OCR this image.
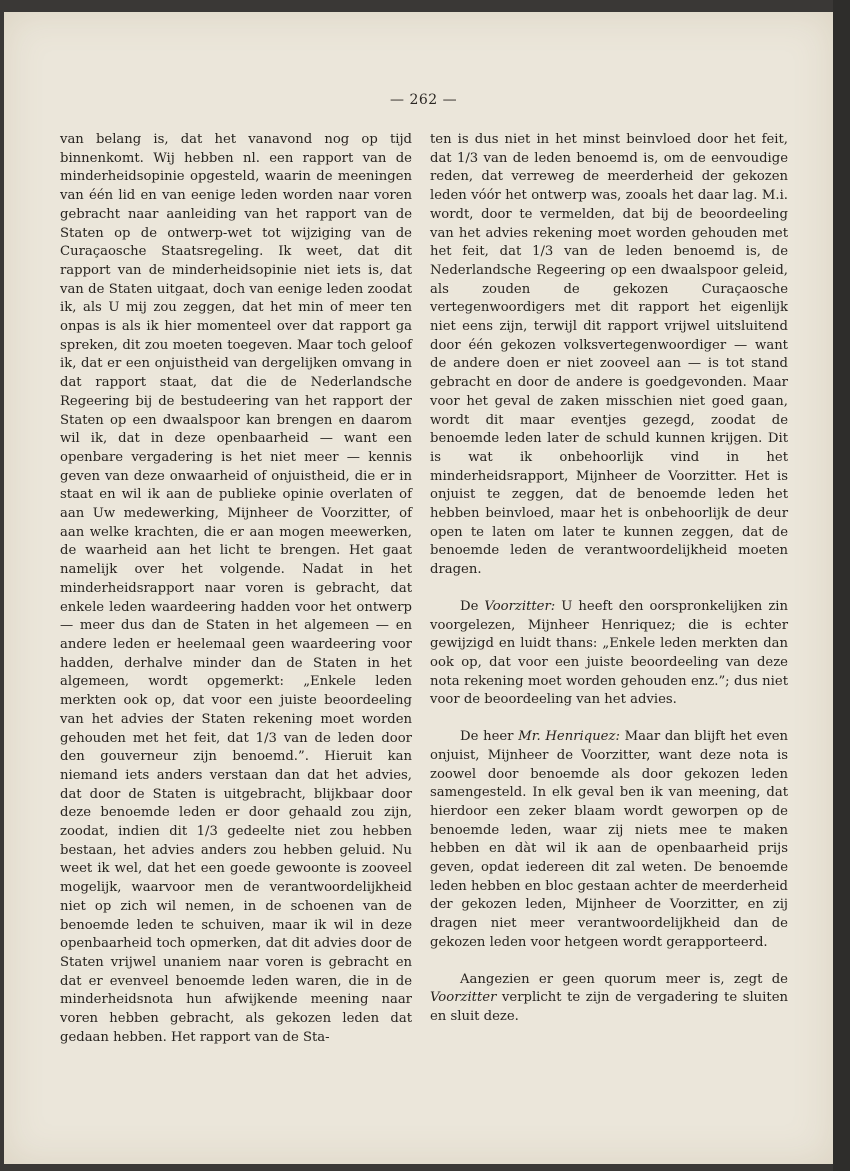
— 262 —

van belang is, dat het vanavond nog op tijd binnenkomt. Wij hebben nl. een rapport van de minderheidsopinie opgesteld, waarin de meeningen van één lid en van eenige leden worden naar voren gebracht naar aanleiding van het rapport van de Staten op de ontwerp-wet tot wijziging van de Curaçaosche Staatsregeling. Ik weet, dat dit rapport van de minderheidsopinie niet iets is, dat van de Staten uitgaat, doch van eenige leden zoodat ik, als U mij zou zeggen, dat het min of meer ten onpas is als ik hier momenteel over dat rapport ga spreken, dit zou moeten toegeven. Maar toch geloof ik, dat er een onjuistheid van dergelijken omvang in dat rapport staat, dat die de Nederlandsche Regeering bij de bestudeering van het rapport der Staten op een dwaalspoor kan brengen en daarom wil ik, dat in deze openbaarheid — want een openbare vergadering is het niet meer — kennis geven van deze onwaarheid of onjuistheid, die er in staat en wil ik aan de publieke opinie overlaten of aan Uw medewerking, Mijnheer de Voorzitter, of aan welke krachten, die er aan mogen meewerken, de waarheid aan het licht te brengen. Het gaat namelijk over het volgende. Nadat in het minderheidsrapport naar voren is gebracht, dat enkele leden waardeering hadden voor het ontwerp — meer dus dan de Staten in het algemeen — en andere leden er heelemaal geen waardeering voor hadden, derhalve minder dan de Staten in het algemeen, wordt opgemerkt: „Enkele leden merkten ook op, dat voor een juiste beoordeeling van het advies der Staten rekening moet worden gehouden met het feit, dat 1/3 van de leden door den gouverneur zijn benoemd.”. Hieruit kan niemand iets anders verstaan dan dat het advies, dat door de Staten is uitgebracht, blijkbaar door deze benoemde leden er door gehaald zou zijn, zoodat, indien dit 1/3 gedeelte niet zou hebben bestaan, het advies anders zou hebben geluid. Nu weet ik wel, dat het een goede gewoonte is zooveel mogelijk, waarvoor men de verantwoordelijkheid niet op zich wil nemen, in de schoenen van de benoemde leden te schuiven, maar ik wil in deze openbaarheid toch opmerken, dat dit advies door de Staten vrijwel unaniem naar voren is gebracht en dat er evenveel benoemde leden waren, die in de minderheidsnota hun afwijkende meening naar voren hebben gebracht, als gekozen leden dat gedaan hebben. Het rapport van de Sta-

ten is dus niet in het minst beinvloed door het feit, dat 1/3 van de leden benoemd is, om de eenvoudige reden, dat verreweg de meerderheid der gekozen leden vóór het ontwerp was, zooals het daar lag. M.i. wordt, door te vermelden, dat bij de beoordeeling van het advies rekening moet worden gehouden met het feit, dat 1/3 van de leden benoemd is, de Nederlandsche Regeering op een dwaalspoor geleid, als zouden de gekozen Curaçaosche vertegenwoordigers met dit rapport het eigenlijk niet eens zijn, terwijl dit rapport vrijwel uitsluitend door één gekozen volksvertegenwoordiger — want de andere doen er niet zooveel aan — is tot stand gebracht en door de andere is goedgevonden. Maar voor het geval de zaken misschien niet goed gaan, wordt dit maar eventjes gezegd, zoodat de benoemde leden later de schuld kunnen krijgen. Dit is wat ik onbehoorlijk vind in het minderheidsrapport, Mijnheer de Voorzitter. Het is onjuist te zeggen, dat de benoemde leden het hebben beinvloed, maar het is onbehoorlijk de deur open te laten om later te kunnen zeggen, dat de benoemde leden de verantwoordelijkheid moeten dragen.

De Voorzitter: U heeft den oorspronkelijken zin voorgelezen, Mijnheer Henriquez; die is echter gewijzigd en luidt thans: „Enkele leden merkten dan ook op, dat voor een juiste beoordeeling van deze nota rekening moet worden gehouden enz.”; dus niet voor de beoordeeling van het advies.

De heer Mr. Henriquez: Maar dan blijft het even onjuist, Mijnheer de Voorzitter, want deze nota is zoowel door benoemde als door gekozen leden samengesteld. In elk geval ben ik van meening, dat hierdoor een zeker blaam wordt geworpen op de benoemde leden, waar zij niets mee te maken hebben en dàt wil ik aan de openbaarheid prijs geven, opdat iedereen dit zal weten. De benoemde leden hebben en bloc gestaan achter de meerderheid der gekozen leden, Mijnheer de Voorzitter, en zij dragen niet meer verantwoordelijkheid dan de gekozen leden voor hetgeen wordt gerapporteerd.

Aangezien er geen quorum meer is, zegt de Voorzitter verplicht te zijn de vergadering te sluiten en sluit deze.
